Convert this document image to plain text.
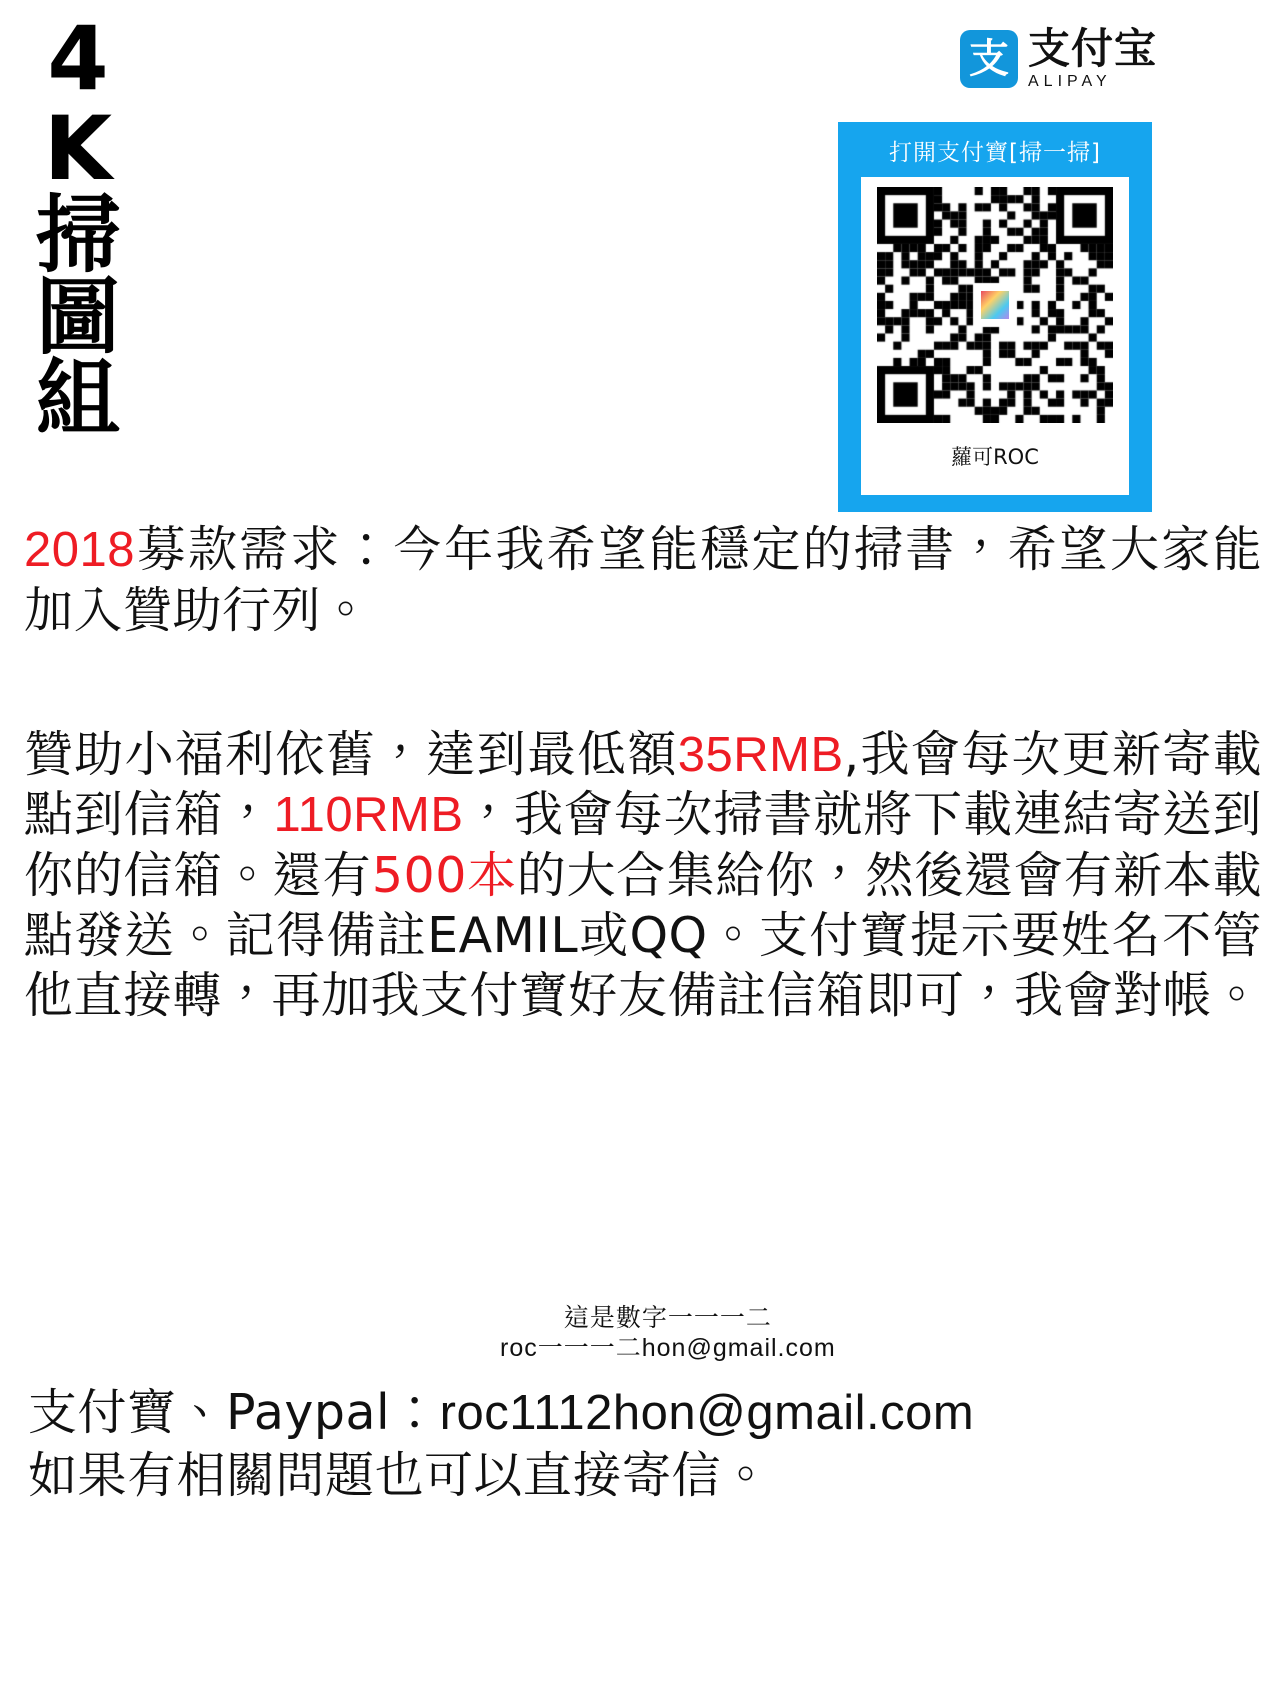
4
K
掃
圖
組
支 支付宝
ALIPAY
打開支付寶[掃一掃]
蘿可ROC

2018募款需求：今年我希望能穩定的掃書，希望大家能加入贊助行列。

贊助小福利依舊，達到最低額35RMB,我會每次更新寄載點到信箱，110RMB，我會每次掃書就將下載連結寄送到你的信箱。還有500本的大合集給你，然後還會有新本載點發送。記得備註EAMIL或QQ。支付寶提示要姓名不管他直接轉，再加我支付寶好友備註信箱即可，我會對帳。

這是數字一一一二
roc一一一二hon@gmail.com
支付寶、Paypal：roc1112hon@gmail.com
如果有相關問題也可以直接寄信。
